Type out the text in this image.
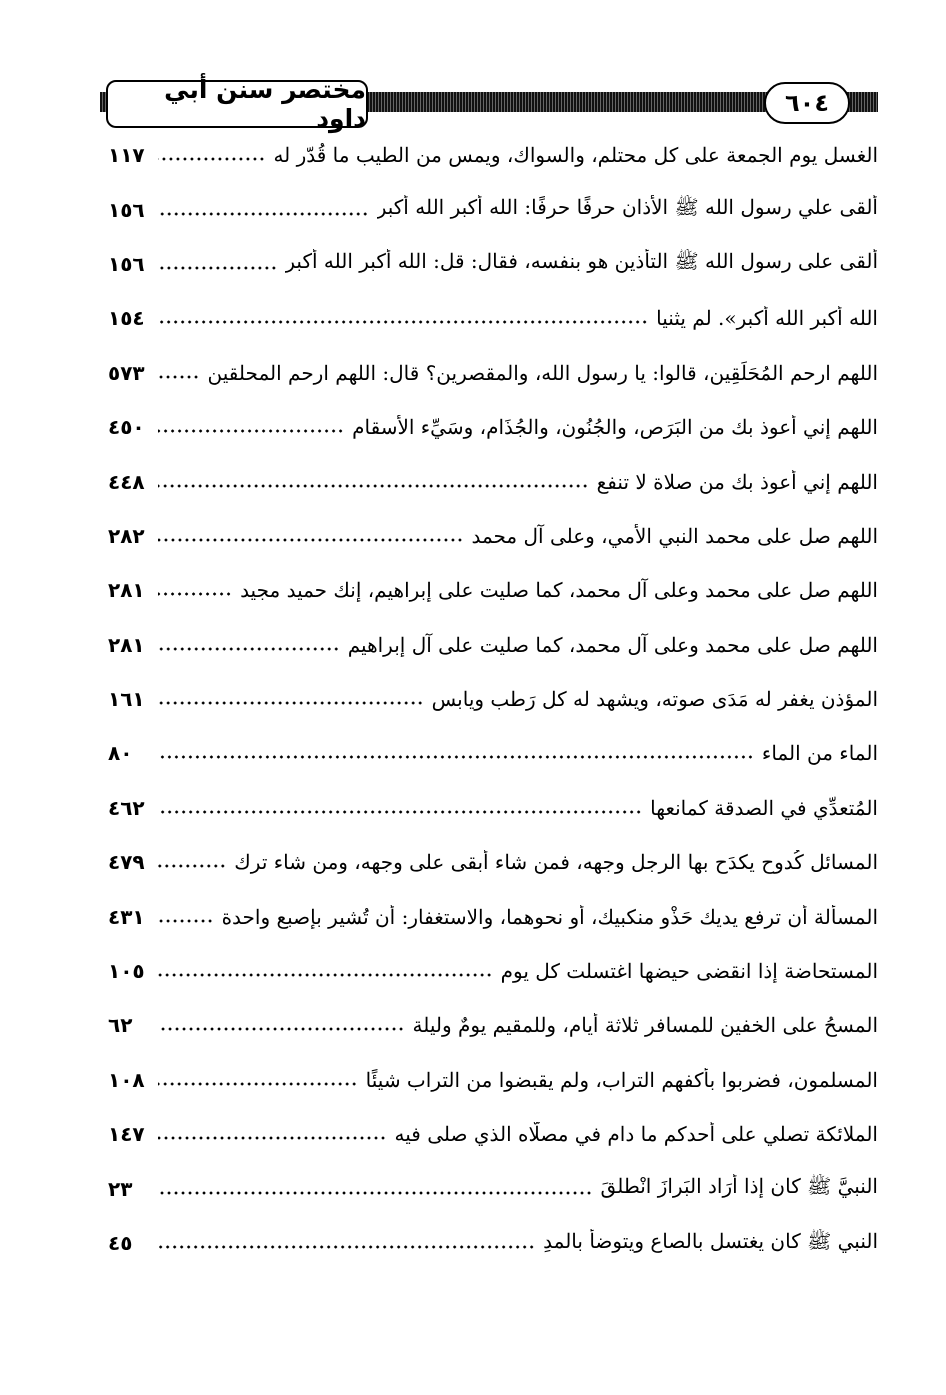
مختصر سنن أبي داود
٦٠٤
الغسل يوم الجمعة على كل محتلم، والسواك، ويمس من الطيب ما قُدّر له
١١٧
ألقى علي رسول الله ﷺ الأذان حرفًا حرفًا: الله أكبر الله أكبر
١٥٦
ألقى على رسول الله ﷺ التأذين هو بنفسه، فقال: قل: الله أكبر الله أكبر
١٥٦
الله أكبر الله أكبر». لم يثنيا
١٥٤
اللهم ارحم المُحَلِّقِين، قالوا: يا رسول الله، والمقصرين؟ قال: اللهم ارحم المحلقين
٥٧٣
اللهم إني أعوذ بك من البَرَص، والجُنُون، والجُذَام، وسَيِّء الأسقام
٤٥٠
اللهم إني أعوذ بك من صلاة لا تنفع
٤٤٨
اللهم صل على محمد النبي الأمي، وعلى آل محمد
٢٨٢
اللهم صل على محمد وعلى آل محمد، كما صليت على إبراهيم، إنك حميد مجيد
٢٨١
اللهم صل على محمد وعلى آل محمد، كما صليت على آل إبراهيم
٢٨١
المؤذن يغفر له مَدَى صوته، ويشهد له كل رَطب ويابس
١٦١
الماء من الماء
٨٠
المُتعدِّي في الصدقة كمانعها
٤٦٢
المسائل كُدوح يكدَح بها الرجل وجهه، فمن شاء أبقى على وجهه، ومن شاء ترك
٤٧٩
المسألة أن ترفع يديك حَذْو منكبيك، أو نحوهما، والاستغفار: أن تُشير بإصبع واحدة
٤٣١
المستحاضة إذا انقضى حيضها اغتسلت كل يوم
١٠٥
المسحُ على الخفين للمسافر ثلاثة أيام، وللمقيم يومٌ وليلة
٦٢
المسلمون، فضربوا بأكفهم التراب، ولم يقبضوا من التراب شيئًا
١٠٨
الملائكة تصلي على أحدكم ما دام في مصلَّاه الذي صلى فيه
١٤٧
النبيَّ ﷺ كان إذا أرَاد البَرازَ انْطلقَ
٢٣
النبي ﷺ كان يغتسل بالصاع ويتوضأ بالمدِ
٤٥
